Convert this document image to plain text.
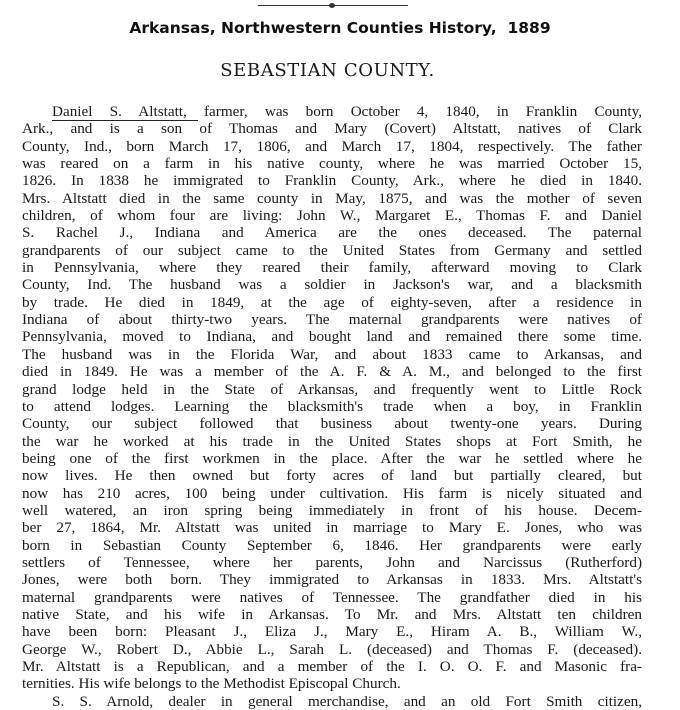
Arkansas, Northwestern Counties History,  1889
SEBASTIAN COUNTY.
Daniel S. Altstatt, farmer, was born October 4, 1840, in Franklin County,
Ark., and is a son of Thomas and Mary (Covert) Altstatt, natives of Clark
County, Ind., born March 17, 1806, and March 17, 1804, respectively. The father
was reared on a farm in his native county, where he was married October 15,
1826. In 1838 he immigrated to Franklin County, Ark., where he died in 1840.
Mrs. Altstatt died in the same county in May, 1875, and was the mother of seven
children, of whom four are living: John W., Margaret E., Thomas F. and Daniel
S. Rachel J., Indiana and America are the ones deceased. The paternal
grandparents of our subject came to the United States from Germany and settled
in Pennsylvania, where they reared their family, afterward moving to Clark
County, Ind. The husband was a soldier in Jackson's war, and a blacksmith
by trade. He died in 1849, at the age of eighty-seven, after a residence in
Indiana of about thirty-two years. The maternal grandparents were natives of
Pennsylvania, moved to Indiana, and bought land and remained there some time.
The husband was in the Florida War, and about 1833 came to Arkansas, and
died in 1849. He was a member of the A. F. & A. M., and belonged to the first
grand lodge held in the State of Arkansas, and frequently went to Little Rock
to attend lodges. Learning the blacksmith's trade when a boy, in Franklin
County, our subject followed that business about twenty-one years. During
the war he worked at his trade in the United States shops at Fort Smith, he
being one of the first workmen in the place. After the war he settled where he
now lives. He then owned but forty acres of land but partially cleared, but
now has 210 acres, 100 being under cultivation. His farm is nicely situated and
well watered, an iron spring being immediately in front of his house. Decem-
ber 27, 1864, Mr. Altstatt was united in marriage to Mary E. Jones, who was
born in Sebastian County September 6, 1846. Her grandparents were early
settlers of Tennessee, where her parents, John and Narcissus (Rutherford)
Jones, were both born. They immigrated to Arkansas in 1833. Mrs. Altstatt's
maternal grandparents were natives of Tennessee. The grandfather died in his
native State, and his wife in Arkansas. To Mr. and Mrs. Altstatt ten children
have been born: Pleasant J., Eliza J., Mary E., Hiram A. B., William W.,
George W., Robert D., Abbie L., Sarah L. (deceased) and Thomas F. (deceased).
Mr. Altstatt is a Republican, and a member of the I. O. O. F. and Masonic fra-
ternities. His wife belongs to the Methodist Episcopal Church.
S. S. Arnold, dealer in general merchandise, and an old Fort Smith citizen,
